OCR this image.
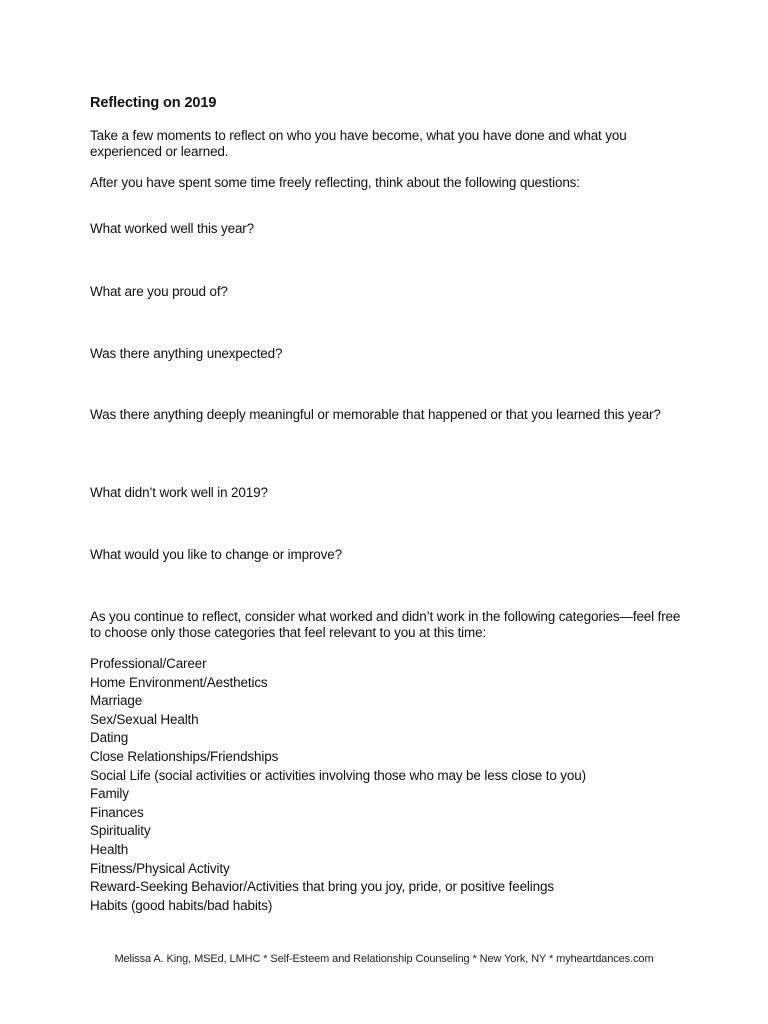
Reflecting on 2019

Take a few moments to reflect on who you have become, what you have done and what you experienced or learned.

After you have spent some time freely reflecting, think about the following questions:

What worked well this year?

What are you proud of?

Was there anything unexpected?

Was there anything deeply meaningful or memorable that happened or that you learned this year?

What didn’t work well in 2019?

What would you like to change or improve?

As you continue to reflect, consider what worked and didn’t work in the following categories—feel free to choose only those categories that feel relevant to you at this time:

Professional/Career
Home Environment/Aesthetics
Marriage
Sex/Sexual Health
Dating
Close Relationships/Friendships
Social Life (social activities or activities involving those who may be less close to you)
Family
Finances
Spirituality
Health
Fitness/Physical Activity
Reward-Seeking Behavior/Activities that bring you joy, pride, or positive feelings
Habits (good habits/bad habits)
Melissa A. King, MSEd, LMHC * Self-Esteem and Relationship Counseling * New York, NY * myheartdances.com
